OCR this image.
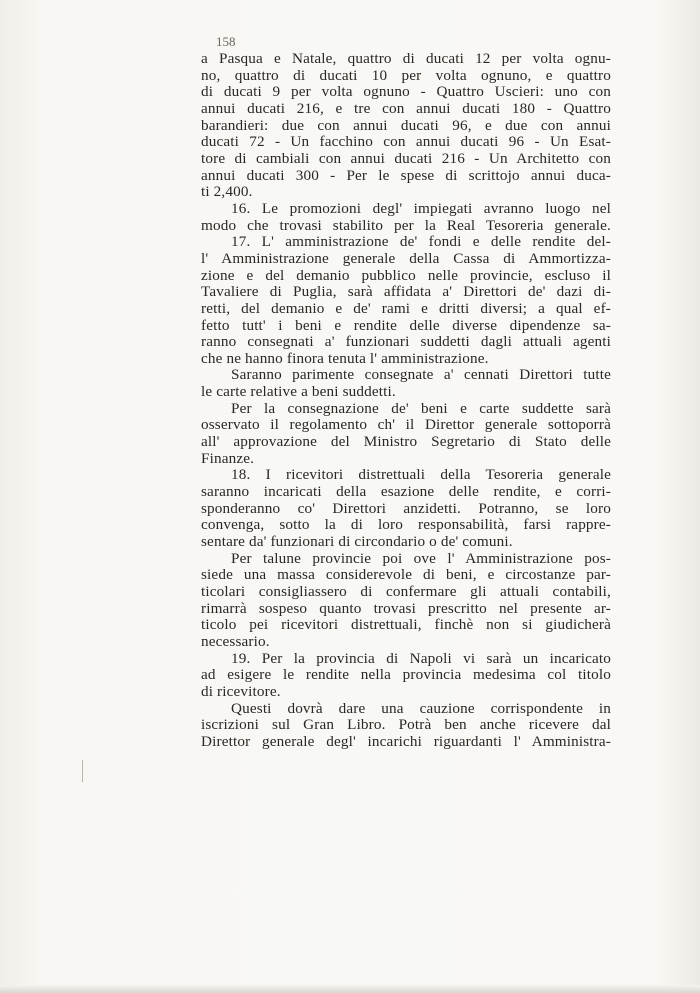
158
a Pasqua e Natale, quattro di ducati 12 per volta ognu-
no, quattro di ducati 10 per volta ognuno, e quattro
di ducati 9 per volta ognuno - Quattro Uscieri: uno con
annui ducati 216, e tre con annui ducati 180 - Quattro
barandieri: due con annui ducati 96, e due con annui
ducati 72 - Un facchino con annui ducati 96 - Un Esat-
tore di cambiali con annui ducati 216 - Un Architetto con
annui ducati 300 - Per le spese di scrittojo annui duca-
ti 2,400.
16. Le promozioni degl' impiegati avranno luogo nel
modo che trovasi stabilito per la Real Tesoreria generale.
17. L' amministrazione de' fondi e delle rendite del-
l' Amministrazione generale della Cassa di Ammortizza-
zione e del demanio pubblico nelle provincie, escluso il
Tavaliere di Puglia, sarà affidata a' Direttori de' dazi di-
retti, del demanio e de' rami e dritti diversi; a qual ef-
fetto tutt' i beni e rendite delle diverse dipendenze sa-
ranno consegnati a' funzionari suddetti dagli attuali agenti
che ne hanno finora tenuta l' amministrazione.
Saranno parimente consegnate a' cennati Direttori tutte
le carte relative a beni suddetti.
Per la consegnazione de' beni e carte suddette sarà
osservato il regolamento ch' il Direttor generale sottoporrà
all' approvazione del Ministro Segretario di Stato delle
Finanze.
18. I ricevitori distrettuali della Tesoreria generale
saranno incaricati della esazione delle rendite, e corri-
sponderanno co' Direttori anzidetti. Potranno, se loro
convenga, sotto la di loro responsabilità, farsi rappre-
sentare da' funzionari di circondario o de' comuni.
Per talune provincie poi ove l' Amministrazione pos-
siede una massa considerevole di beni, e circostanze par-
ticolari consigliassero di confermare gli attuali contabili,
rimarrà sospeso quanto trovasi prescritto nel presente ar-
ticolo pei ricevitori distrettuali, finchè non si giudicherà
necessario.
19. Per la provincia di Napoli vi sarà un incaricato
ad esigere le rendite nella provincia medesima col titolo
di ricevitore.
Questi dovrà dare una cauzione corrispondente in
iscrizioni sul Gran Libro. Potrà ben anche ricevere dal
Direttor generale degl' incarichi riguardanti l' Amministra-
